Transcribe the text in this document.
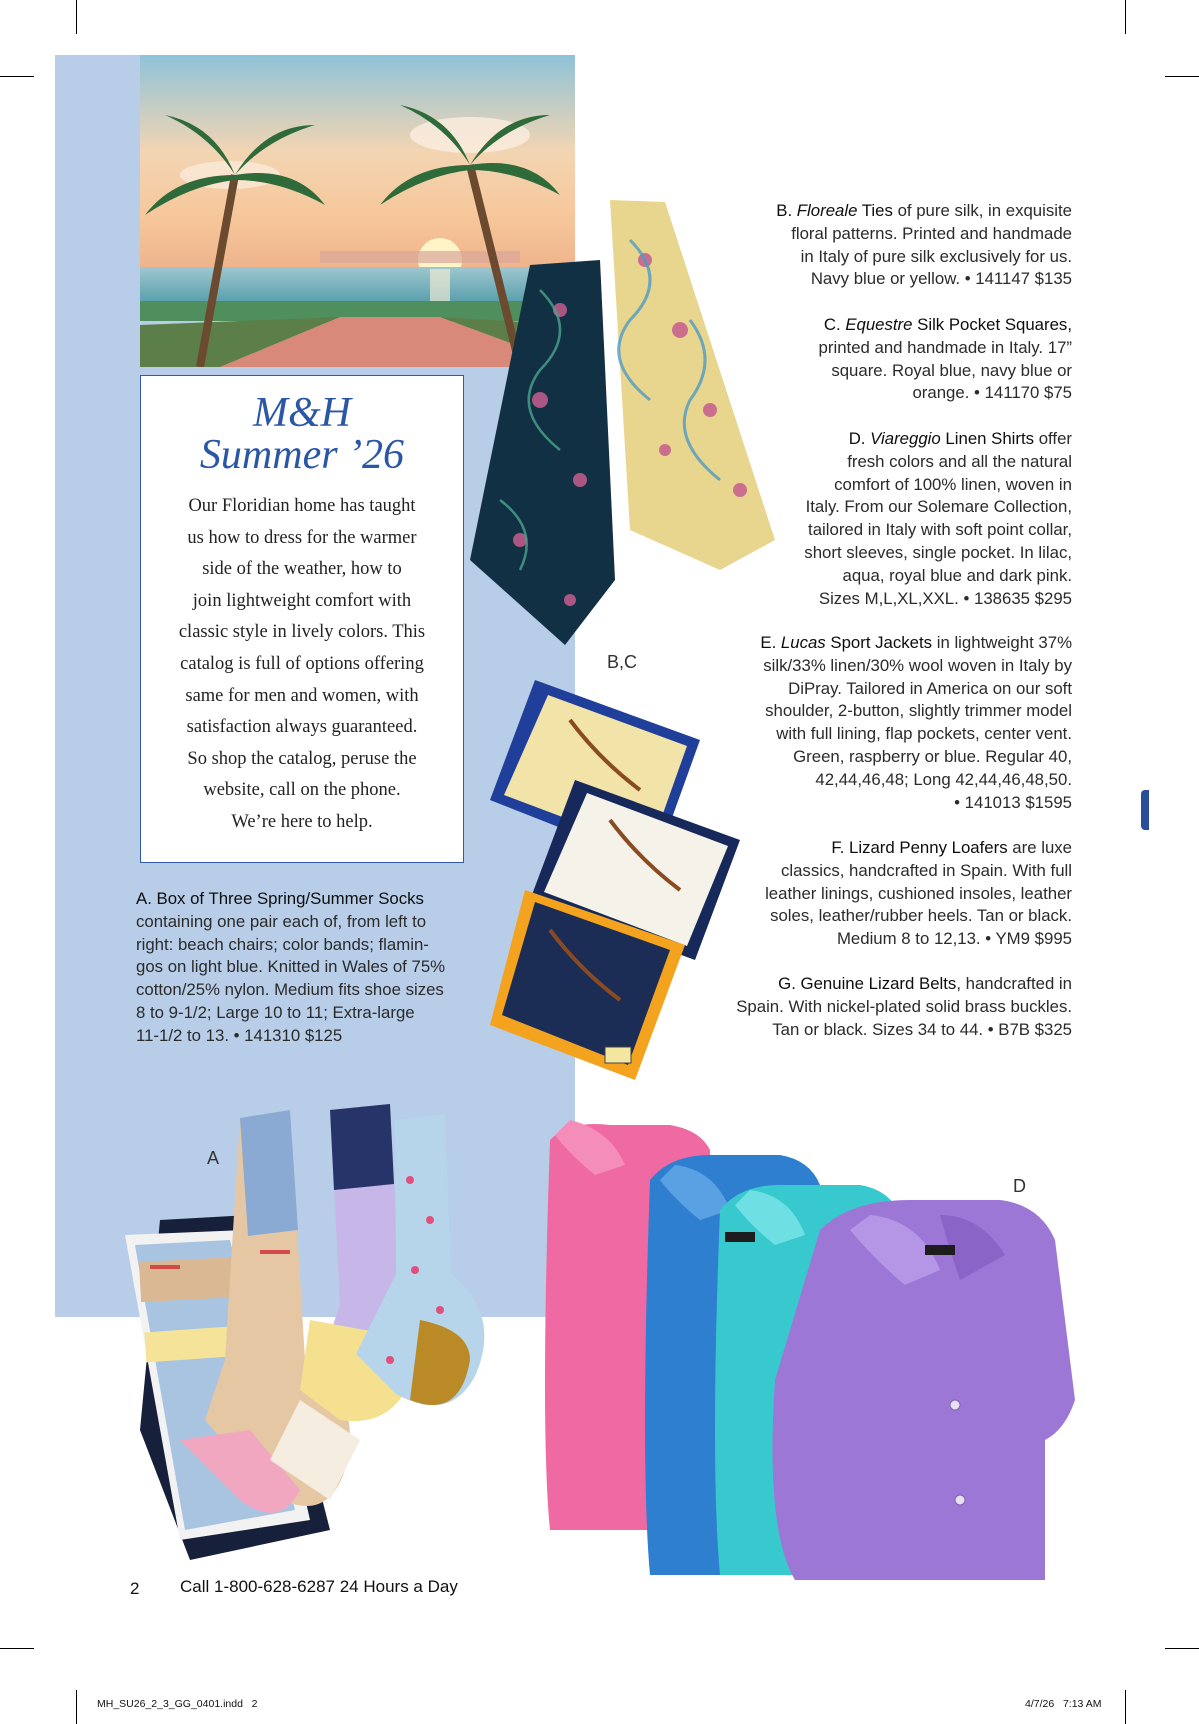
M&H
Summer ’26
Our Floridian home has taught
us how to dress for the warmer
side of the weather, how to
join lightweight comfort with
classic style in lively colors. This
catalog is full of options offering
same for men and women, with
satisfaction always guaranteed.
So shop the catalog, peruse the
website, call on the phone.
We’re here to help.
A. Box of Three Spring/Summer Socks
containing one pair each of, from left to
right: beach chairs; color bands; flamin-
gos on light blue. Knitted in Wales of 75%
cotton/25% nylon. Medium fits shoe sizes
8 to 9-1/2; Large 10 to 11; Extra-large
11-1/2 to 13. • 141310 $125
B,C
B. Floreale Ties of pure silk, in exquisite
floral patterns. Printed and handmade
in Italy of pure silk exclusively for us.
Navy blue or yellow. • 141147 $135
C. Equestre Silk Pocket Squares,
printed and handmade in Italy. 17”
square. Royal blue, navy blue or
orange. • 141170 $75
D. Viareggio Linen Shirts offer
fresh colors and all the natural
comfort of 100% linen, woven in
Italy. From our Solemare Collection,
tailored in Italy with soft point collar,
short sleeves, single pocket. In lilac,
aqua, royal blue and dark pink.
Sizes M,L,XL,XXL. • 138635 $295
E. Lucas Sport Jackets in lightweight 37%
silk/33% linen/30% wool woven in Italy by
DiPray. Tailored in America on our soft
shoulder, 2-button, slightly trimmer model
with full lining, flap pockets, center vent.
Green, raspberry or blue. Regular 40,
42,44,46,48; Long 42,44,46,48,50.
• 141013 $1595
F. Lizard Penny Loafers are luxe
classics, handcrafted in Spain. With full
leather linings, cushioned insoles, leather
soles, leather/rubber heels. Tan or black.
Medium 8 to 12,13. • YM9 $995
G. Genuine Lizard Belts, handcrafted in
Spain. With nickel-plated solid brass buckles.
Tan or black. Sizes 34 to 44. • B7B $325
A
D
2 Call 1-800-628-6287 24 Hours a Day
MH_SU26_2_3_GG_0401.indd   2	4/7/26   7:13 AM
